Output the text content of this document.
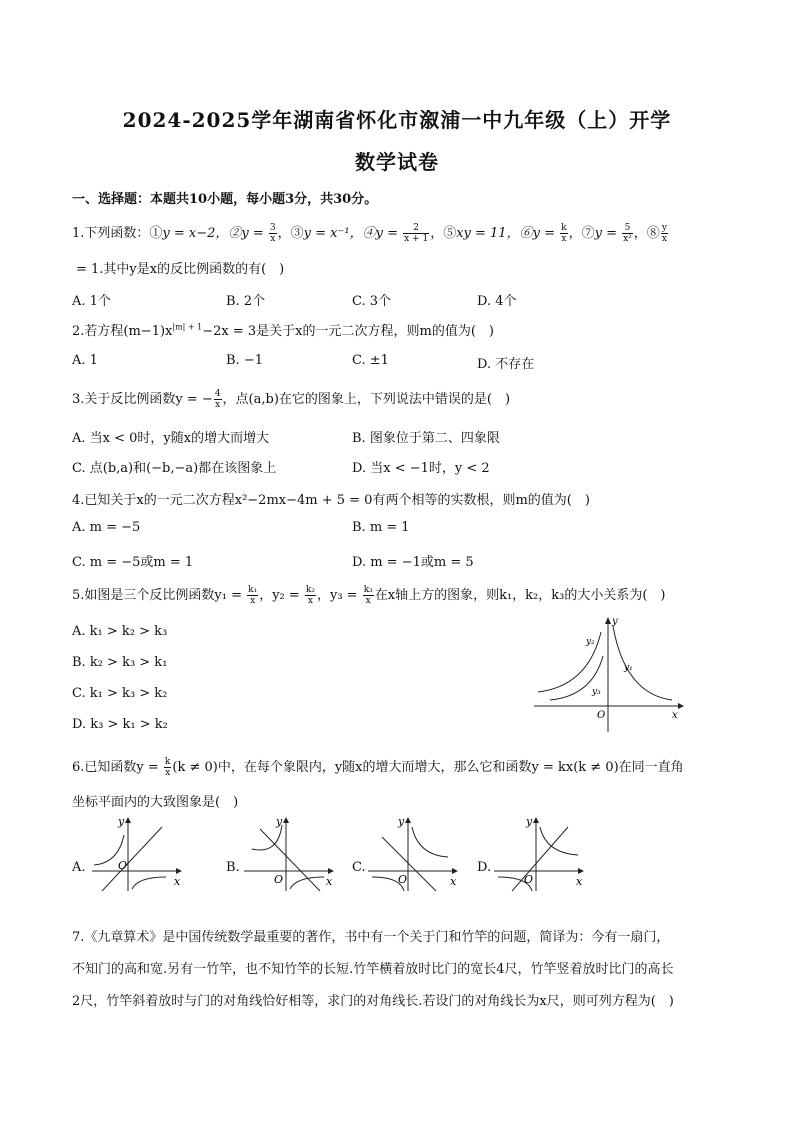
2024-2025学年湖南省怀化市溆浦一中九年级（上）开学
数学试卷
一、选择题：本题共10小题，每小题3分，共30分。
1.下列函数：①y = x−2，②y = $\frac{3}{x}$ ，③y = x⁻¹，④y = $\frac{2}{x + 1}$ ，⑤xy = 11，⑥y = $\frac{k}{x}$ ，⑦y = $\frac{5}{\text{x²}}$ ，⑧ $\frac{y}{x}$
= 1.其中y是x的反比例函数的有(　)
A. 1个	B. 2个	C. 3个	D. 4个
2.若方程$(m-1)x^{|m| + 1}-2x = 3$是关于x的一元二次方程，则m的值为(　)
A. 1	B. −1	C. ±1	D. 不存在
3.关于反比例函数y = − $\frac{4}{x}$ ，点(a,b)在它的图象上，下列说法中错误的是(　)
A. 当x < 0时，y随x的增大而增大	B. 图象位于第二、四象限
C. 点(b,a)和(−b,−a)都在该图象上	D. 当x < −1时，y < 2
4.已知关于x的一元二次方程x²−2mx−4m + 5 = 0有两个相等的实数根，则m的值为(　)
A. m = −5	B. m = 1
C. m = −5或m = 1	D. m = −1或m = 5
5.如图是三个反比例函数$y_1 = \frac{\text{k₁}}{x}$ ，$y_2 = \frac{\text{k₂}}{x}$ ，$y_3 = \frac{\text{k₃}}{x}$ 在x轴上方的图象，则k₁，k₂，k₃的大小关系为(　)
A. k₁ > k₂ > k₃
B. k₂ > k₃ > k₁
C. k₁ > k₃ > k₂
D. k₃ > k₁ > k₂
y
x
O
y₁
y₂
y₃
6.已知函数$y = \frac{k}{x} (k \ne 0)$中，在每个象限内，y随x的增大而增大，那么它和函数y = kx(k ≠ 0)在同一直角
坐标平面内的大致图象是(　)
A.
y
x
O	B.
y
x
O
C.
y
x
O
D.
y
x
O
7.《九章算术》是中国传统数学最重要的著作，书中有一个关于门和竹竿的问题，简译为：今有一扇门，
不知门的高和宽.另有一竹竿，也不知竹竿的长短.竹竿横着放时比门的宽长4尺，竹竿竖着放时比门的高长
2尺，竹竿斜着放时与门的对角线恰好相等，求门的对角线长.若设门的对角线长为x尺，则可列方程为(　)
